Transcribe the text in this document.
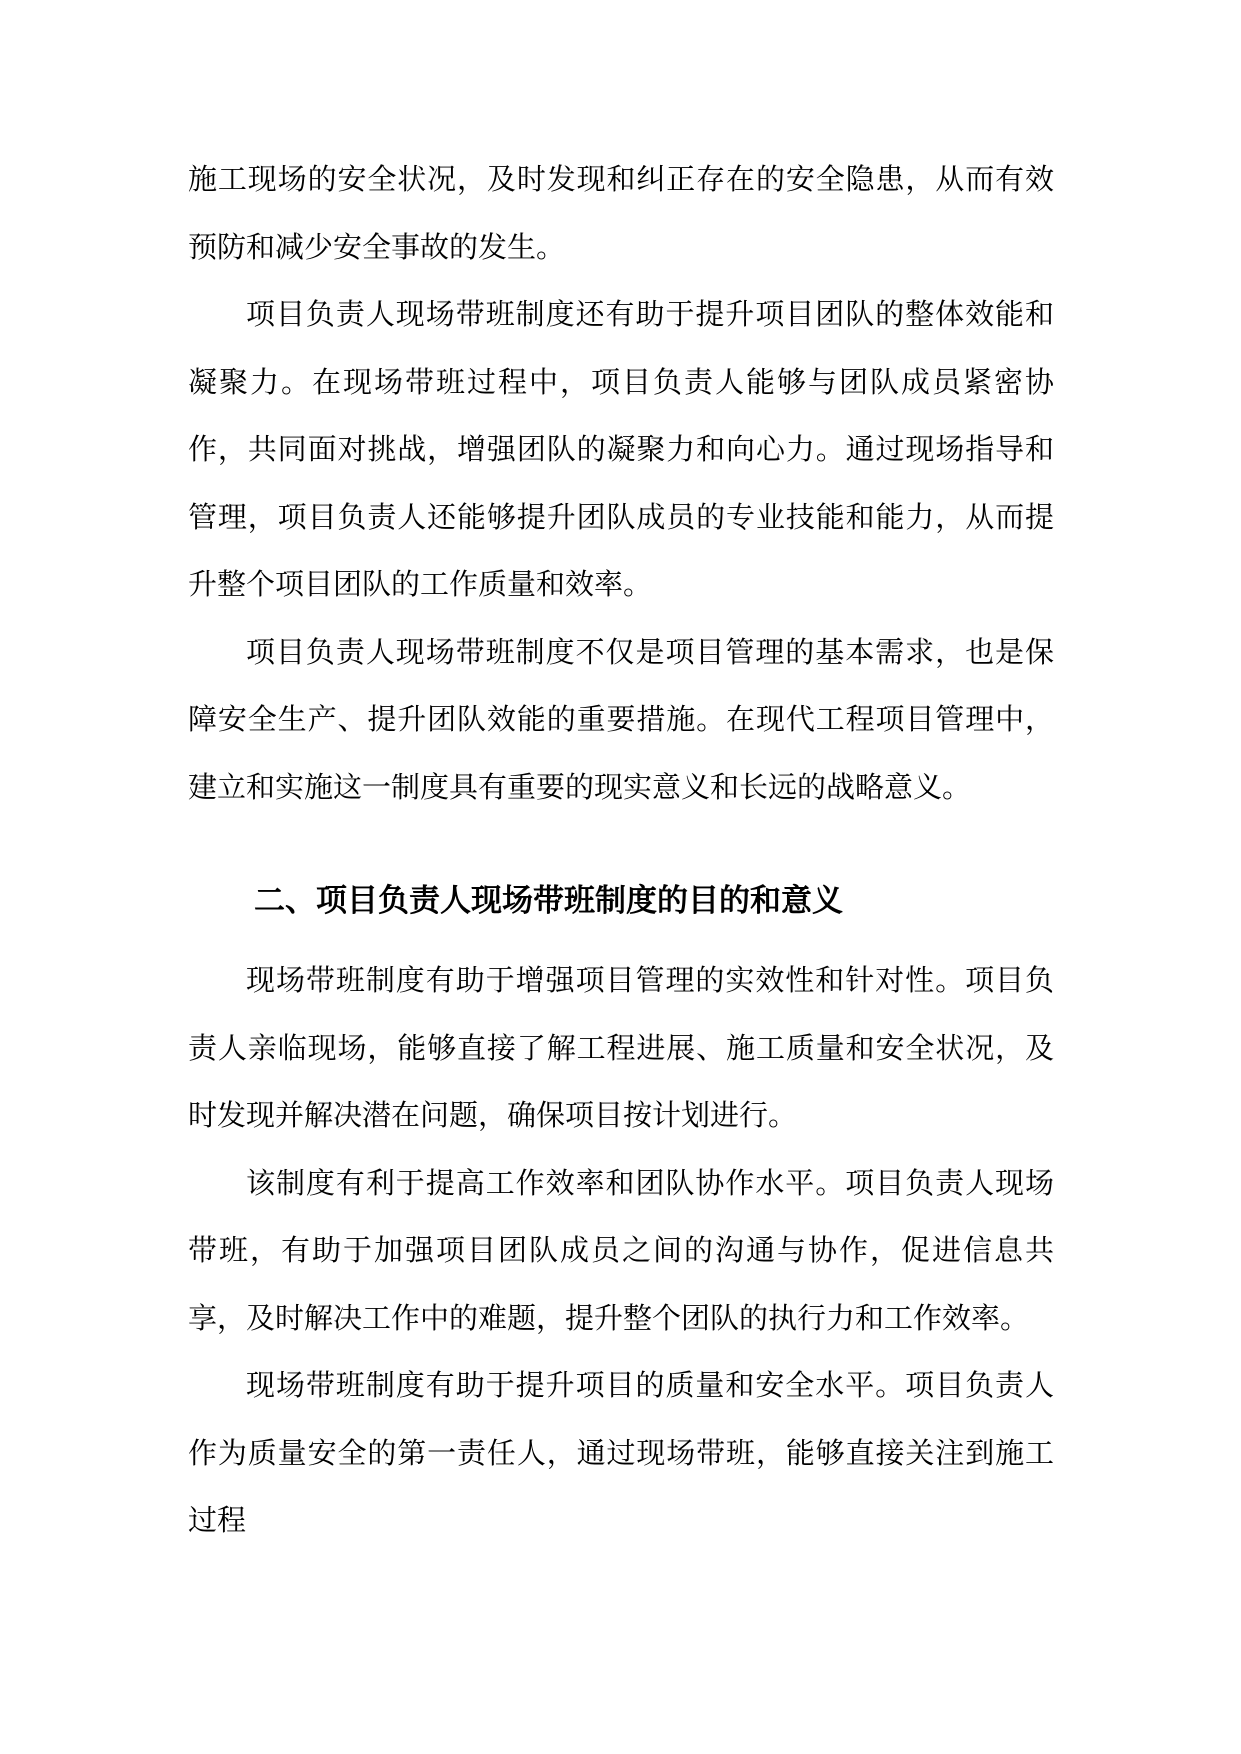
施工现场的安全状况，及时发现和纠正存在的安全隐患，从而有效预防和减少安全事故的发生。

项目负责人现场带班制度还有助于提升项目团队的整体效能和凝聚力。在现场带班过程中，项目负责人能够与团队成员紧密协作，共同面对挑战，增强团队的凝聚力和向心力。通过现场指导和管理，项目负责人还能够提升团队成员的专业技能和能力，从而提升整个项目团队的工作质量和效率。

项目负责人现场带班制度不仅是项目管理的基本需求，也是保障安全生产、提升团队效能的重要措施。在现代工程项目管理中，建立和实施这一制度具有重要的现实意义和长远的战略意义。

二、项目负责人现场带班制度的目的和意义

现场带班制度有助于增强项目管理的实效性和针对性。项目负责人亲临现场，能够直接了解工程进展、施工质量和安全状况，及时发现并解决潜在问题，确保项目按计划进行。

该制度有利于提高工作效率和团队协作水平。项目负责人现场带班，有助于加强项目团队成员之间的沟通与协作，促进信息共享，及时解决工作中的难题，提升整个团队的执行力和工作效率。

现场带班制度有助于提升项目的质量和安全水平。项目负责人作为质量安全的第一责任人，通过现场带班，能够直接关注到施工过程
